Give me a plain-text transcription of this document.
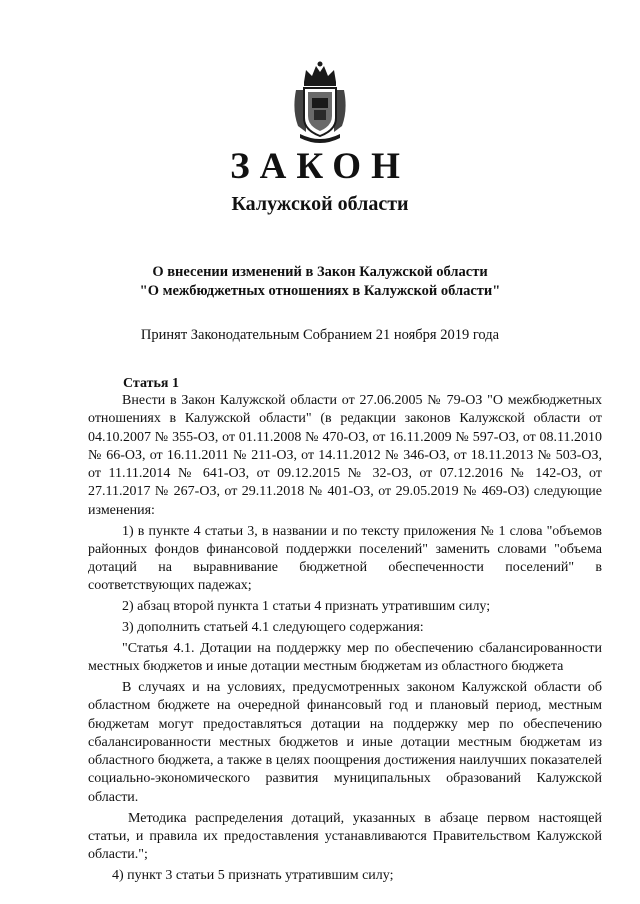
ЗАКОН
Калужской области
О внесении изменений в Закон Калужской области
"О межбюджетных отношениях в Калужской области"
Принят Законодательным Собранием 21 ноября 2019 года
Статья 1

Внести в Закон Калужской области от 27.06.2005 № 79-ОЗ "О межбюджетных отношениях в Калужской области" (в редакции законов Калужской области от 04.10.2007 № 355-ОЗ, от 01.11.2008 № 470-ОЗ, от 16.11.2009 № 597-ОЗ, от 08.11.2010 № 66-ОЗ, от 16.11.2011 № 211-ОЗ, от 14.11.2012 № 346-ОЗ, от 18.11.2013 № 503-ОЗ, от 11.11.2014 № 641-ОЗ, от 09.12.2015 № 32-ОЗ, от 07.12.2016 № 142-ОЗ, от 27.11.2017 № 267-ОЗ, от 29.11.2018 № 401-ОЗ, от 29.05.2019 № 469-ОЗ) следующие изменения:

1) в пункте 4 статьи 3, в названии и по тексту приложения № 1 слова "объемов районных фондов финансовой поддержки поселений" заменить словами "объема дотаций на выравнивание бюджетной обеспеченности поселений" в соответствующих падежах;

2) абзац второй пункта 1 статьи 4 признать утратившим силу;

3) дополнить статьей 4.1 следующего содержания:

"Статья 4.1. Дотации на поддержку мер по обеспечению сбалансированности местных бюджетов и иные дотации местным бюджетам из областного бюджета

В случаях и на условиях, предусмотренных законом Калужской области об областном бюджете на очередной финансовый год и плановый период, местным бюджетам могут предоставляться дотации на поддержку мер по обеспечению сбалансированности местных бюджетов и иные дотации местным бюджетам из областного бюджета, а также в целях поощрения достижения наилучших показателей социально-экономического развития муниципальных образований Калужской области.

Методика распределения дотаций, указанных в абзаце первом настоящей статьи, и правила их предоставления устанавливаются Правительством Калужской области.";

4) пункт 3 статьи 5 признать утратившим силу;
